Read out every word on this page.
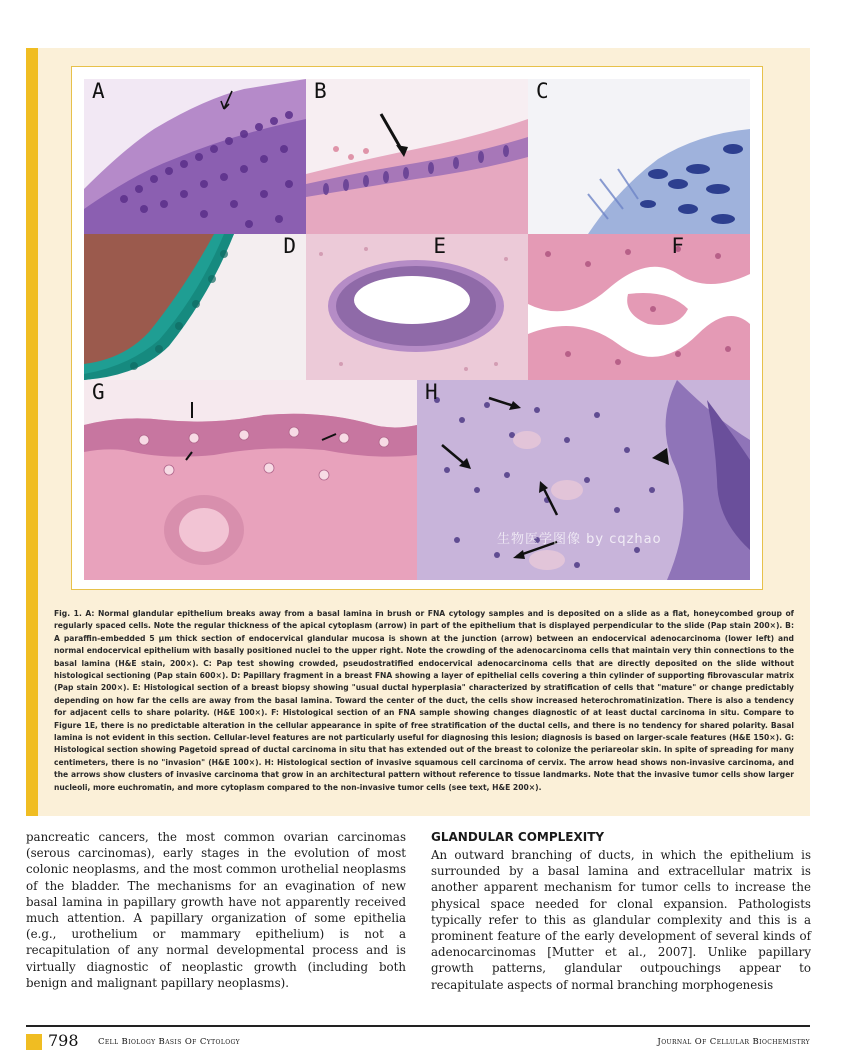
A	B	C
D	E	F
G	H
生物医学图像 by cqzhao
Fig. 1. A: Normal glandular epithelium breaks away from a basal lamina in brush or FNA cytology samples and is deposited on a slide as a flat, honeycombed group of regularly spaced cells. Note the regular thickness of the apical cytoplasm (arrow) in part of the epithelium that is displayed perpendicular to the slide (Pap stain 200×). B: A paraffin-embedded 5 μm thick section of endocervical glandular mucosa is shown at the junction (arrow) between an endocervical adenocarcinoma (lower left) and normal endocervical epithelium with basally positioned nuclei to the upper right. Note the crowding of the adenocarcinoma cells that maintain very thin connections to the basal lamina (H&E stain, 200×). C: Pap test showing crowded, pseudostratified endocervical adenocarcinoma cells that are directly deposited on the slide without histological sectioning (Pap stain 600×). D: Papillary fragment in a breast FNA showing a layer of epithelial cells covering a thin cylinder of supporting fibrovascular matrix (Pap stain 200×). E: Histological section of a breast biopsy showing "usual ductal hyperplasia" characterized by stratification of cells that "mature" or change predictably depending on how far the cells are away from the basal lamina. Toward the center of the duct, the cells show increased heterochromatinization. There is also a tendency for adjacent cells to share polarity. (H&E 100×). F: Histological section of an FNA sample showing changes diagnostic of at least ductal carcinoma in situ. Compare to Figure 1E, there is no predictable alteration in the cellular appearance in spite of free stratification of the ductal cells, and there is no tendency for shared polarity. Basal lamina is not evident in this section. Cellular-level features are not particularly useful for diagnosing this lesion; diagnosis is based on larger-scale features (H&E 150×). G: Histological section showing Pagetoid spread of ductal carcinoma in situ that has extended out of the breast to colonize the periareolar skin. In spite of spreading for many centimeters, there is no "invasion" (H&E 100×). H: Histological section of invasive squamous cell carcinoma of cervix. The arrow head shows non-invasive carcinoma, and the arrows show clusters of invasive carcinoma that grow in an architectural pattern without reference to tissue landmarks. Note that the invasive tumor cells show larger nucleoli, more euchromatin, and more cytoplasm compared to the non-invasive tumor cells (see text, H&E 200×).
pancreatic cancers, the most common ovarian carcinomas (serous carcinomas), early stages in the evolution of most colonic neoplasms, and the most common urothelial neoplasms of the bladder. The mechanisms for an evagination of new basal lamina in papillary growth have not apparently received much attention. A papillary organization of some epithelia (e.g., urothelium or mammary epithelium) is not a recapitulation of any normal developmental process and is virtually diagnostic of neoplastic growth (including both benign and malignant papillary neoplasms).
GLANDULAR COMPLEXITY
An outward branching of ducts, in which the epithelium is surrounded by a basal lamina and extracellular matrix is another apparent mechanism for tumor cells to increase the physical space needed for clonal expansion. Pathologists typically refer to this as glandular complexity and this is a prominent feature of the early development of several kinds of adenocarcinomas [Mutter et al., 2007]. Unlike papillary growth patterns, glandular outpouchings appear to recapitulate aspects of normal branching morphogenesis
798 Cell Biology Basis Of Cytology	Journal Of Cellular Biochemistry
